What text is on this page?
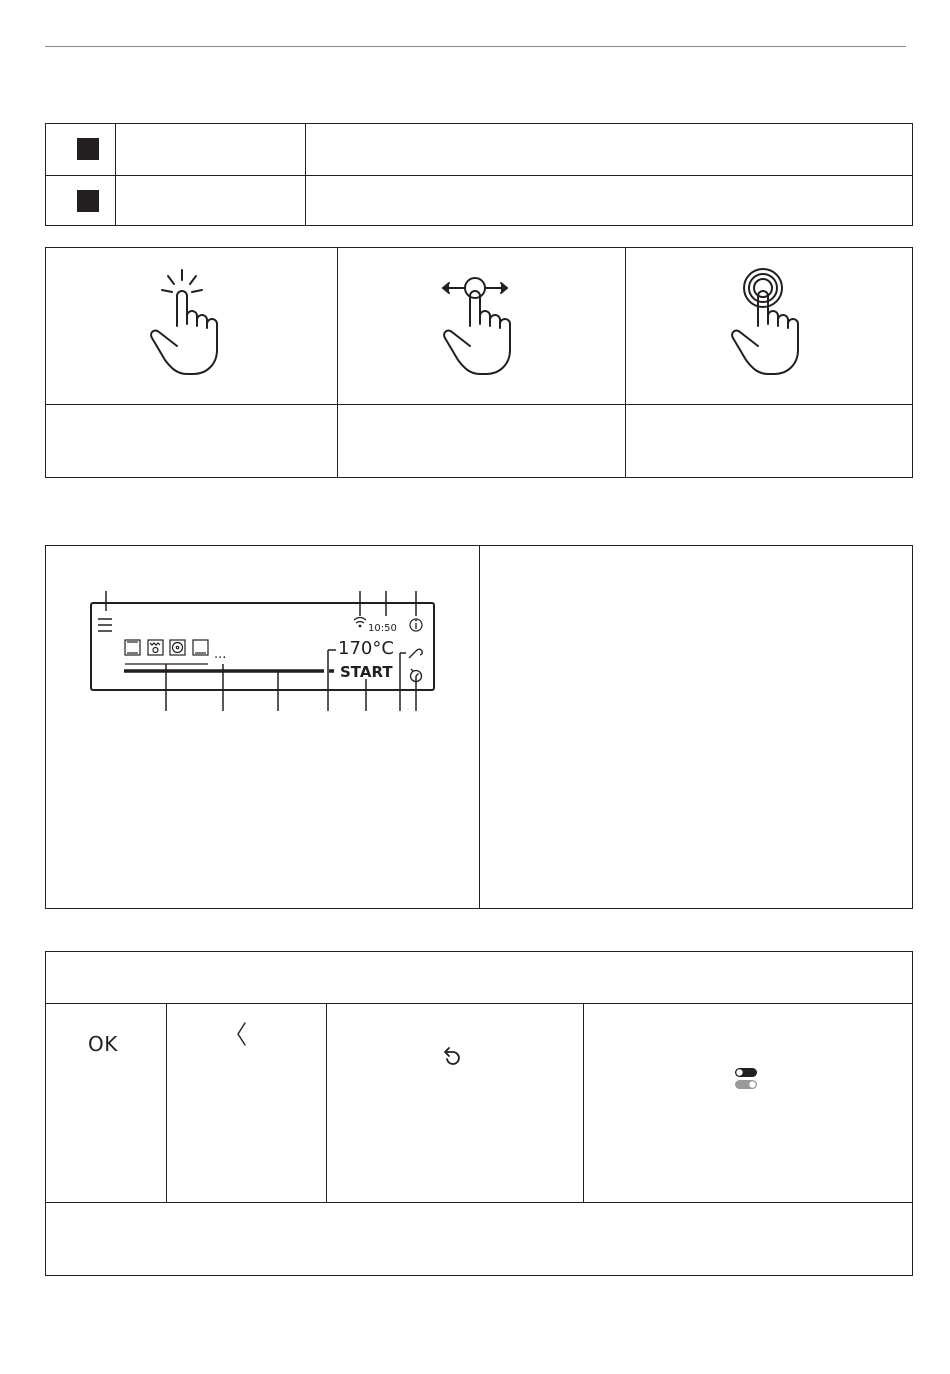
10:50
...	170°C
START
OK
